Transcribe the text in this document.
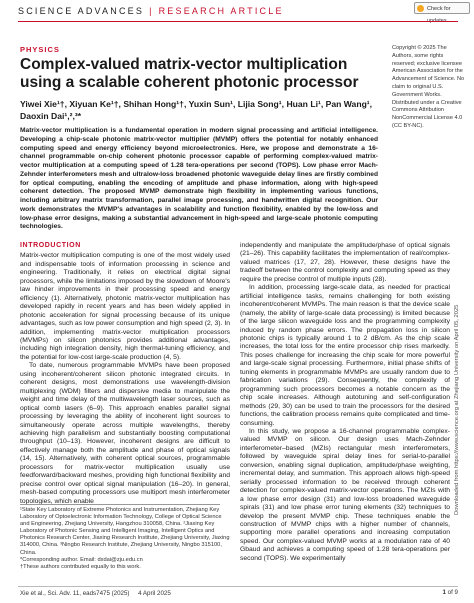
SCIENCE ADVANCES | RESEARCH ARTICLE	Check for
PHYSICS
Complex-valued matrix-vector multiplication using a scalable coherent photonic processor
Yiwei Xie¹†, Xiyuan Ke¹†, Shihan Hong¹†, Yuxin Sun¹, Lijia Song¹, Huan Li¹, Pan Wang¹, Daoxin Dai¹,²,³*
Copyright © 2025 The Authors, some rights reserved; exclusive licensee American Association for the Advancement of Science. No claim to original U.S. Government Works. Distributed under a Creative Commons Attribution NonCommercial License 4.0 (CC BY-NC).
Matrix-vector multiplication is a fundamental operation in modern signal processing and artificial intelligence. Developing a chip-scale photonic matrix-vector multiplier (MVMP) offers the potential for notably enhanced computing speed and energy efficiency beyond microelectronics. Here, we propose and demonstrate a 16-channel programmable on-chip coherent photonic processor capable of performing complex-valued matrix-vector multiplication at a computing speed of 1.28 tera-operations per second (TOPS). Low phase error Mach-Zehnder interferometers mesh and ultralow-loss broadened photonic waveguide delay lines are firstly combined for optical computing, enabling the encoding of amplitude and phase information, along with high-speed coherent detection. The proposed MVMP demonstrate high flexibility in implementing various functions, including arbitrary matrix transformation, parallel image processing, and handwritten digital recognition. Our work demonstrates the MVMP's advantages in scalability and function flexibility, enabled by the low-loss and low-phase error designs, making a substantial advancement in high-speed and large-scale photonic computing technologies.
Downloaded from https://www.science.org at Zhejiang University on April 05, 2025
INTRODUCTION

Matrix-vector multiplication computing is one of the most widely used and indispensable tools of information processing in science and engineering. Traditionally, it relies on electrical digital signal processors, while the limitations imposed by the slowdown of Moore's law hinder improvements in their processing speed and energy efficiency (1). Alternatively, photonic matrix-vector multiplication has developed rapidly in recent years and has been widely applied in photonic acceleration for signal processing because of its unique advantages, such as low power consumption and high speed (2, 3). In addition, implementing matrix-vector multiplication processors (MVMPs) on silicon photonics provides additional advantages, including high integration density, high thermal-tuning efficiency, and the potential for low-cost large-scale production (4, 5).

To date, numerous programmable MVMPs have been proposed using incoherent/coherent silicon photonic integrated circuits. In coherent designs, most demonstrations use wavelength-division multiplexing (WDM) filters and dispersive media to manipulate the weight and time delay of the multiwavelength laser sources, such as optical comb lasers (6–9). This approach enables parallel signal processing by leveraging the ability of incoherent light sources to simultaneously operate across multiple wavelengths, thereby achieving high parallelism and substantially boosting computational throughput (10–13). However, incoherent designs are difficult to effectively manage both the amplitude and phase of optical signals (14, 15). Alternatively, with coherent optical sources, programmable processors for matrix-vector multiplication usually use feedforward/backward meshes, providing high functional flexibility and precise control over optical signal manipulation (16–20). In general, mesh-based computing processors use multiport mesh interferometer topologies, which enable

independently and manipulate the amplitude/phase of optical signals (21–26). This capability facilitates the implementation of real/complex-valued matrices (17, 27, 28). However, these designs have the tradeoff between the control complexity and computing speed as they require the precise control of multiple inputs (28).

In addition, processing large-scale data, as needed for practical artificial intelligence tasks, remains challenging for both existing incoherent/coherent MVMPs. The main reason is that the device scale (namely, the ability of large-scale data processing) is limited because of the large silicon waveguide loss and the programming complexity induced by random phase errors. The propagation loss in silicon photonic chips is typically around 1 to 2 dB/cm. As the chip scale increases, the total loss for the entire processor chip rises markedly. This poses challenge for increasing the chip scale for more powerful and large-scale signal processing. Furthermore, initial phase shifts of tuning elements in programmable MVMPs are usually random due to fabrication variations (29). Consequently, the complexity of programming such processors becomes a notable concern as the chip scale increases. Although autotuning and self-configuration methods (29, 30) can be used to train the processors for the desired functions, the calibration process remains quite complicated and time-consuming.

In this study, we propose a 16-channel programmable complex-valued MVMP on silicon. Our design uses Mach-Zehnder interferometer–based (MZIs) rectangular mesh interferometers, followed by waveguide spiral delay lines for serial-to-parallel conversion, enabling signal duplication, amplitude/phase weighting, incremental delay, and summation. This approach allows high-speed serially processed information to be received through coherent detection for complex-valued matrix-vector operations. The MZIs with a low phase error design (31) and low-loss broadened waveguide spirals (31) and low phase error tuning elements (32) techniques to develop the present MVMP chip. These techniques enable the construction of MVMP chips with a higher number of channels, supporting more parallel operations and increasing computation speed. Our complex-valued MVMP works at a modulation rate of 40 Gbaud and achieves a computing speed of 1.28 tera-operations per second (TOPS). We experimentally

¹State Key Laboratory of Extreme Photonics and Instrumentation, Zhejiang Key Laboratory of Optoelectronic Information Technology, College of Optical Science and Engineering, Zhejiang University, Hangzhou 310058, China. ²Jiaxing Key Laboratory of Photonic Sensing and Intelligent Imaging, Intelligent Optics and Photonics Research Center, Jiaxing Research Institute, Zhejiang University, Jiaxing 314000, China. ³Ningbo Research Institute, Zhejiang University, Ningbo 315100, China.
*Corresponding author. Email: dxdai@zju.edu.cn
†These authors contributed equally to this work.
Xie et al., Sci. Adv. 11, eads7475 (2025)     4 April 2025	1 of 9
